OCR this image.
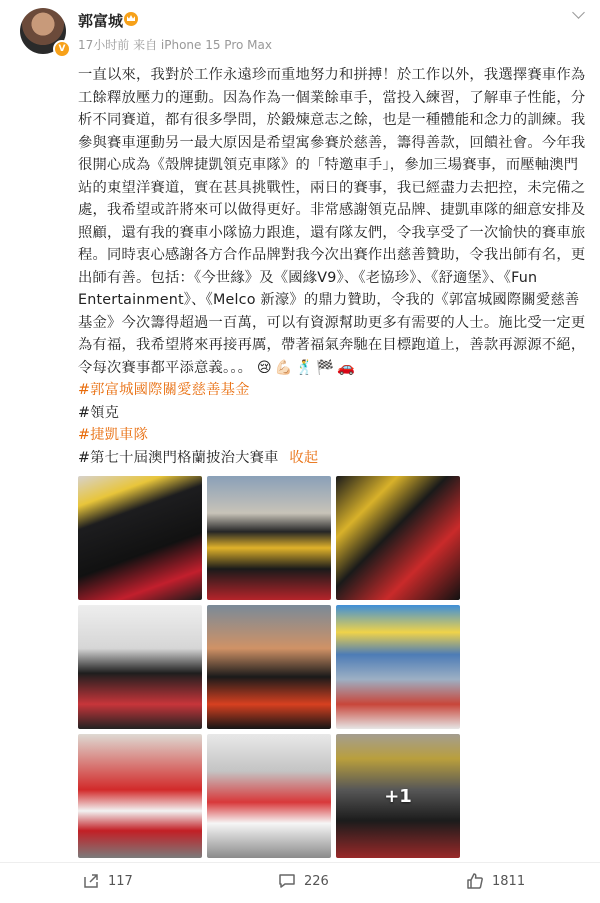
V
郭富城
17小时前 来自 iPhone 15 Pro Max

一直以來，我對於工作永遠珍而重地努力和拼搏！於工作以外，我選擇賽車作為工餘釋放壓力的運動。因為作為一個業餘車手，當投入練習，了解車子性能，分析不同賽道，都有很多學問，於鍛煉意志之餘，也是一種體能和念力的訓練。我參與賽車運動另一最大原因是希望寓參賽於慈善，籌得善款，回饋社會。今年我很開心成為《殼牌捷凱領克車隊》的「特邀車手」，參加三場賽事，而壓軸澳門站的東望洋賽道，實在甚具挑戰性，兩日的賽事，我已經盡力去把控，未完備之處，我希望或許將來可以做得更好。非常感謝領克品牌、捷凱車隊的細意安排及照顧，還有我的賽車小隊協力跟進，還有隊友們，令我享受了一次愉快的賽車旅程。同時衷心感謝各方合作品牌對我今次出賽作出慈善贊助，令我出師有名，更出師有善。包括：《今世緣》及《國緣V9》、《老協珍》、《舒適堡》、《Fun Entertainment》、《Melco 新濠》的鼎力贊助，令我的《郭富城國際關愛慈善基金》今次籌得超過一百萬，可以有資源幫助更多有需要的人士。施比受一定更為有福，我希望將來再接再厲，帶著福氣奔馳在目標跑道上，善款再源源不絕，令每次賽事都平添意義。。。 😢💪🏻🕺🏁🚗

#郭富城國際關愛慈善基金
#領克
#捷凱車隊
#第七十屆澳門格蘭披治大賽車 收起
+1
117	226	1811
